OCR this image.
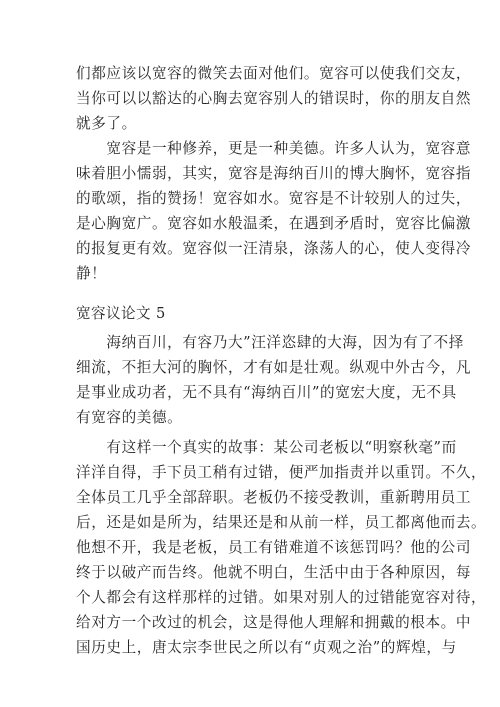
们都应该以宽容的微笑去面对他们。宽容可以使我们交友，
当你可以以豁达的心胸去宽容别人的错误时，你的朋友自然
就多了。
　　宽容是一种修养，更是一种美德。许多人认为，宽容意
味着胆小懦弱，其实，宽容是海纳百川的博大胸怀，宽容指
的歌颂，指的赞扬！宽容如水。宽容是不计较别人的过失，
是心胸宽广。宽容如水般温柔，在遇到矛盾时，宽容比偏激
的报复更有效。宽容似一汪清泉，涤荡人的心，使人变得冷
静！
宽容议论文 5
　　海纳百川，有容乃大”汪洋恣肆的大海，因为有了不择
细流，不拒大河的胸怀，才有如是壮观。纵观中外古今，凡
是事业成功者，无不具有“海纳百川”的宽宏大度，无不具
有宽容的美德。
　　有这样一个真实的故事：某公司老板以“明察秋毫”而
洋洋自得，手下员工稍有过错，便严加指责并以重罚。不久，
全体员工几乎全部辞职。老板仍不接受教训，重新聘用员工
后，还是如是所为，结果还是和从前一样，员工都离他而去。
他想不开，我是老板，员工有错难道不该惩罚吗？他的公司
终于以破产而告终。他就不明白，生活中由于各种原因，每
个人都会有这样那样的过错。如果对别人的过错能宽容对待，
给对方一个改过的机会，这是得他人理解和拥戴的根本。中
国历史上，唐太宗李世民之所以有“贞观之治”的辉煌，与
